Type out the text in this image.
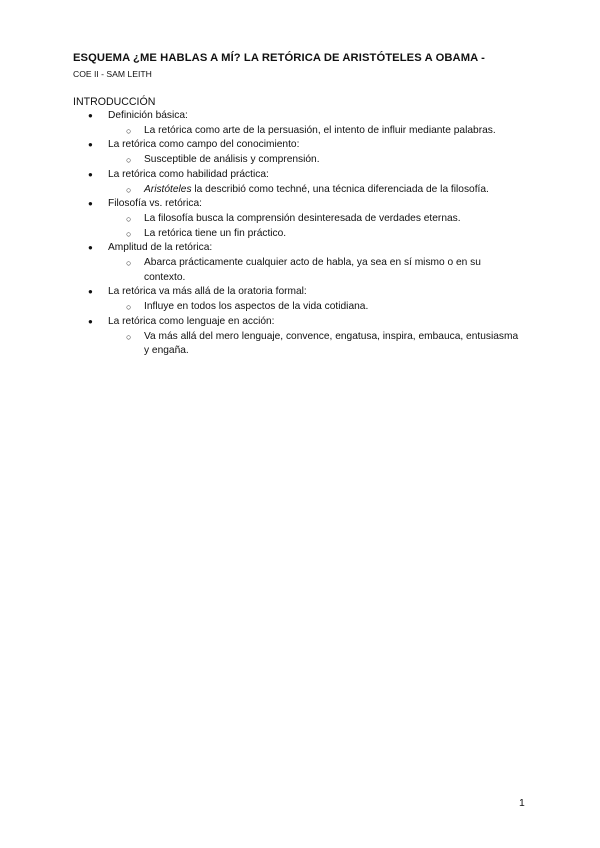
ESQUEMA ¿ME HABLAS A MÍ? LA RETÓRICA DE ARISTÓTELES A OBAMA -
COE II - SAM LEITH
INTRODUCCIÓN
● Definición básica:
○ La retórica como arte de la persuasión, el intento de influir mediante palabras.
● La retórica como campo del conocimiento:
○ Susceptible de análisis y comprensión.
● La retórica como habilidad práctica:
○ Aristóteles la describió como techné, una técnica diferenciada de la filosofía.
● Filosofía vs. retórica:
○ La filosofía busca la comprensión desinteresada de verdades eternas.
○ La retórica tiene un fin práctico.
● Amplitud de la retórica:
○ Abarca prácticamente cualquier acto de habla, ya sea en sí mismo o en su contexto.
● La retórica va más allá de la oratoria formal:
○ Influye en todos los aspectos de la vida cotidiana.
● La retórica como lenguaje en acción:
○ Va más allá del mero lenguaje, convence, engatusa, inspira, embauca, entusiasma y engaña.
1
